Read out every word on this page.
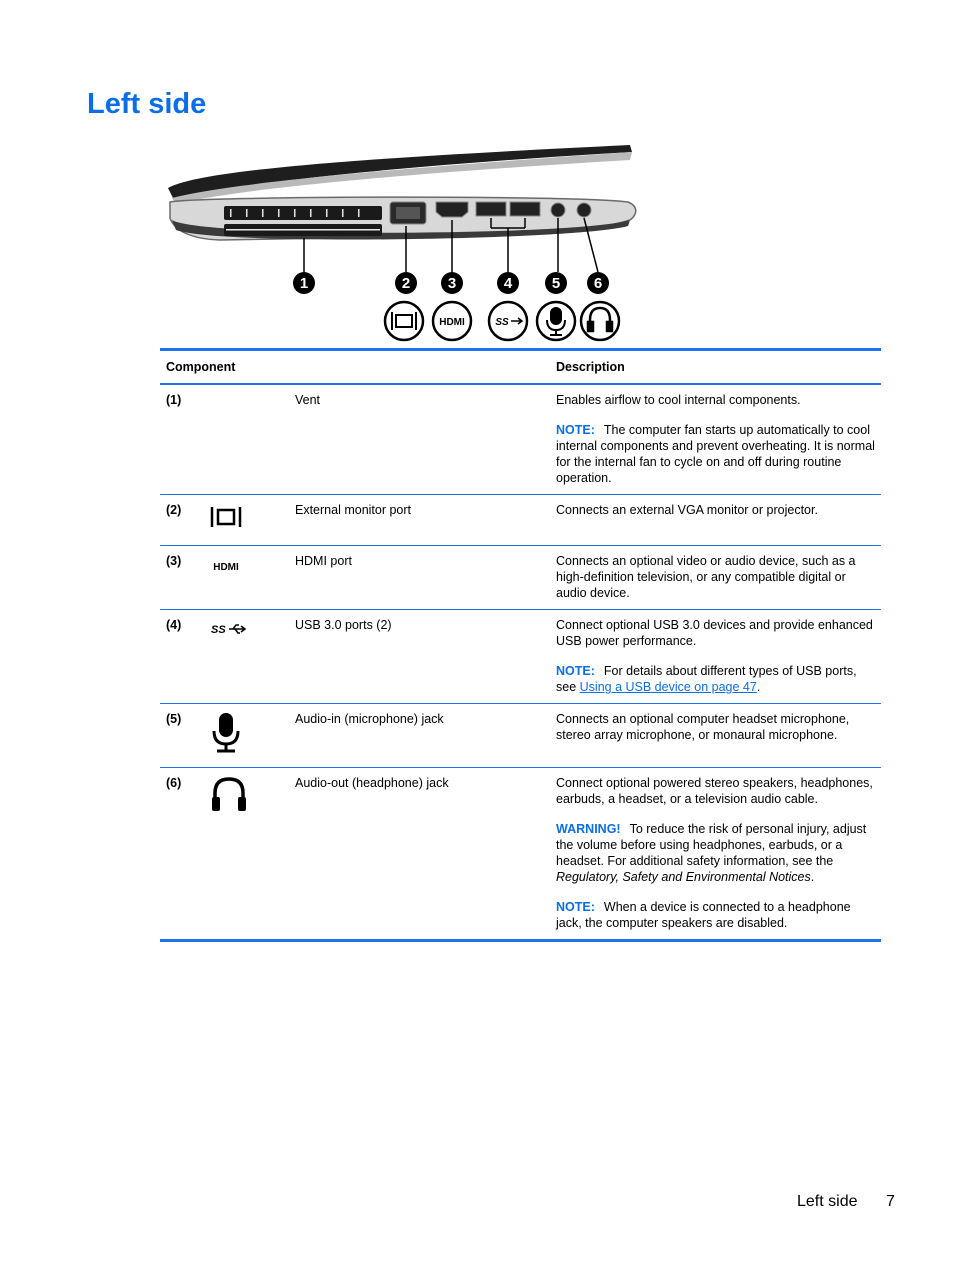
Left side
1	2	3	4	5 6
HDMI	SS
Component			Description
(1)		Vent	Enables airflow to cool internal components.

NOTE: The computer fan starts up automatically to cool internal components and prevent overheating. It is normal for the internal fan to cycle on and off during routine operation.

(2)		External monitor port	Connects an external VGA monitor or projector.

(3)	HDMI	HDMI port	Connects an optional video or audio device, such as a high-definition television, or any compatible digital or audio device.

(4)	SS	USB 3.0 ports (2)	Connect optional USB 3.0 devices and provide enhanced USB power performance.

NOTE: For details about different types of USB ports, see Using a USB device on page 47.

(5)		Audio-in (microphone) jack	Connects an optional computer headset microphone, stereo array microphone, or monaural microphone.

(6)		Audio-out (headphone) jack	Connect optional powered stereo speakers, headphones, earbuds, a headset, or a television audio cable.

WARNING! To reduce the risk of personal injury, adjust the volume before using headphones, earbuds, or a headset. For additional safety information, see the Regulatory, Safety and Environmental Notices.

NOTE: When a device is connected to a headphone jack, the computer speakers are disabled.

Left side 7
